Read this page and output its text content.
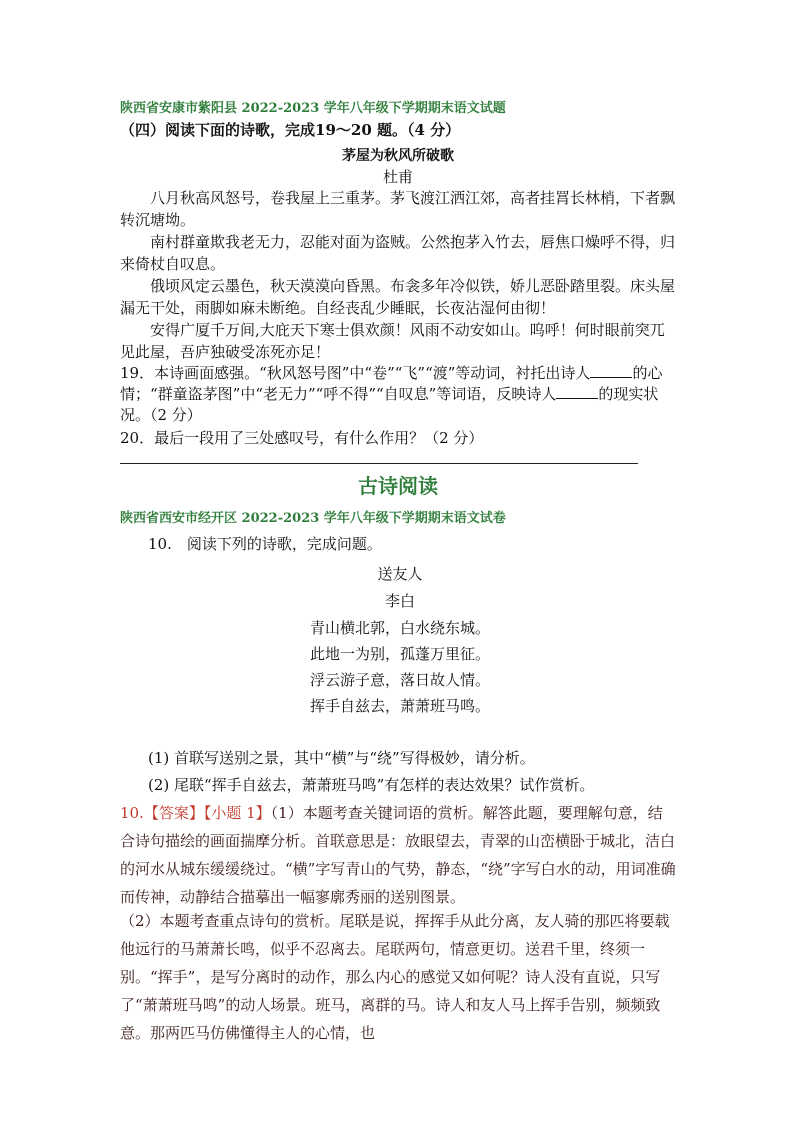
陕西省安康市紫阳县 2022-2023 学年八年级下学期期末语文试题
（四）阅读下面的诗歌，完成19～20 题。（4 分）
茅屋为秋风所破歌
杜甫
八月秋高风怒号，卷我屋上三重茅。茅飞渡江洒江郊，高者挂罥长林梢，下者飘转沉塘坳。
南村群童欺我老无力，忍能对面为盗贼。公然抱茅入竹去，唇焦口燥呼不得，归来倚杖自叹息。
俄顷风定云墨色，秋天漠漠向昏黑。布衾多年冷似铁，娇儿恶卧踏里裂。床头屋漏无干处，雨脚如麻未断绝。自经丧乱少睡眠，长夜沾湿何由彻！
安得广厦千万间,大庇天下寒士俱欢颜！风雨不动安如山。呜呼！何时眼前突兀见此屋，吾庐独破受冻死亦足！
19．本诗画面感强。“秋风怒号图”中“卷”“飞”“渡”等动词，衬托出诗人	的心
情；“群童盗茅图”中“老无力”“呼不得”“自叹息”等词语，反映诗人	的现实状
况。（2 分）
20．最后一段用了三处感叹号，有什么作用？（2 分）
古诗阅读
陕西省西安市经开区 2022-2023 学年八年级下学期期末语文试卷
10.　阅读下列的诗歌，完成问题。
送友人
李白
青山横北郭，白水绕东城。
此地一为别，孤蓬万里征。
浮云游子意，落日故人情。
挥手自兹去，萧萧班马鸣。
(1) 首联写送别之景，其中“横”与“绕”写得极妙，请分析。
(2) 尾联“挥手自兹去，萧萧班马鸣”有怎样的表达效果？试作赏析。
10.【答案】【小题 1】（1）本题考查关键词语的赏析。解答此题，要理解句意，结合诗句描绘的画面揣摩分析。首联意思是：放眼望去，青翠的山峦横卧于城北，洁白的河水从城东缓缓绕过。“横”字写青山的气势，静态，“绕”字写白水的动，用词准确而传神，动静结合描摹出一幅寥廓秀丽的送别图景。
（2）本题考查重点诗句的赏析。尾联是说，挥挥手从此分离，友人骑的那匹将要载他远行的马萧萧长鸣，似乎不忍离去。尾联两句，情意更切。送君千里，终须一别。“挥手”，是写分离时的动作，那么内心的感觉又如何呢？诗人没有直说，只写了“萧萧班马鸣”的动人场景。班马，离群的马。诗人和友人马上挥手告别，频频致意。那两匹马仿佛懂得主人的心情，也
